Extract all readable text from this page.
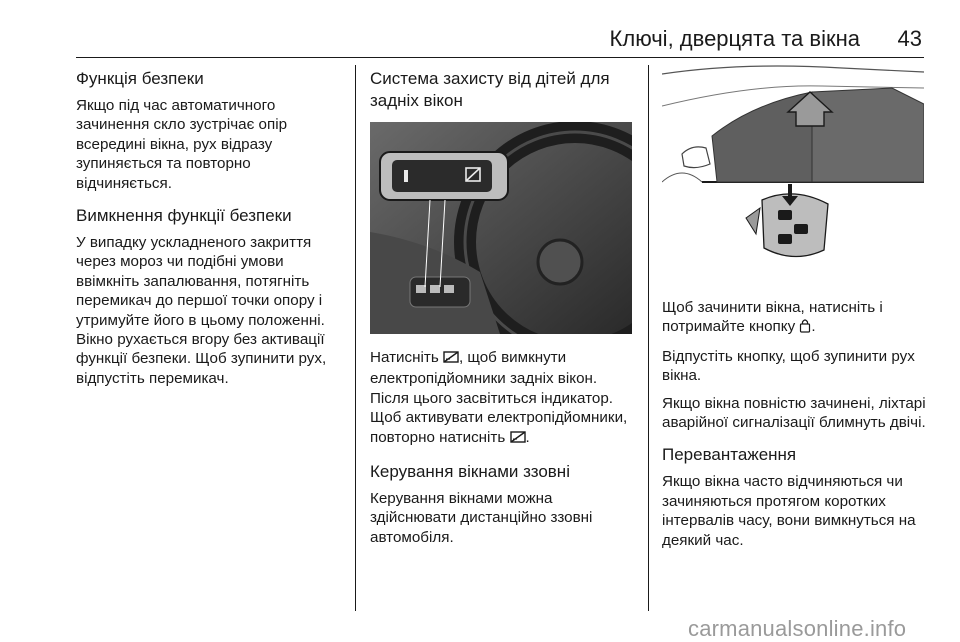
Ключі, дверцята та вікна 43
Функція безпеки

Якщо під час автоматичного зачинення скло зустрічає опір всередині вікна, рух відразу зупиняється та повторно відчиняється.

Вимкнення функції безпеки

У випадку ускладненого закриття через мороз чи подібні умови ввімкніть запалювання, потягніть перемикач до першої точки опору і утримуйте його в цьому положенні. Вікно рухається вгору без активації функції безпеки. Щоб зупинити рух, відпустіть перемикач.

Система захисту від дітей для задніх вікон

Натисніть , щоб вимкнути електропідйомники задніх вікон. Після цього засвітиться індикатор. Щоб активувати електропідйомники, повторно натисніть .

Керування вікнами ззовні

Керування вікнами можна здійснювати дистанційно ззовні автомобіля.

Щоб зачинити вікна, натисніть і потримайте кнопку .

Відпустіть кнопку, щоб зупинити рух вікна.

Якщо вікна повністю зачинені, ліхтарі аварійної сигналізації блимнуть двічі.

Перевантаження

Якщо вікна часто відчиняються чи зачиняються протягом коротких інтервалів часу, вони вимкнуться на деякий час.

carmanualsonline.info
